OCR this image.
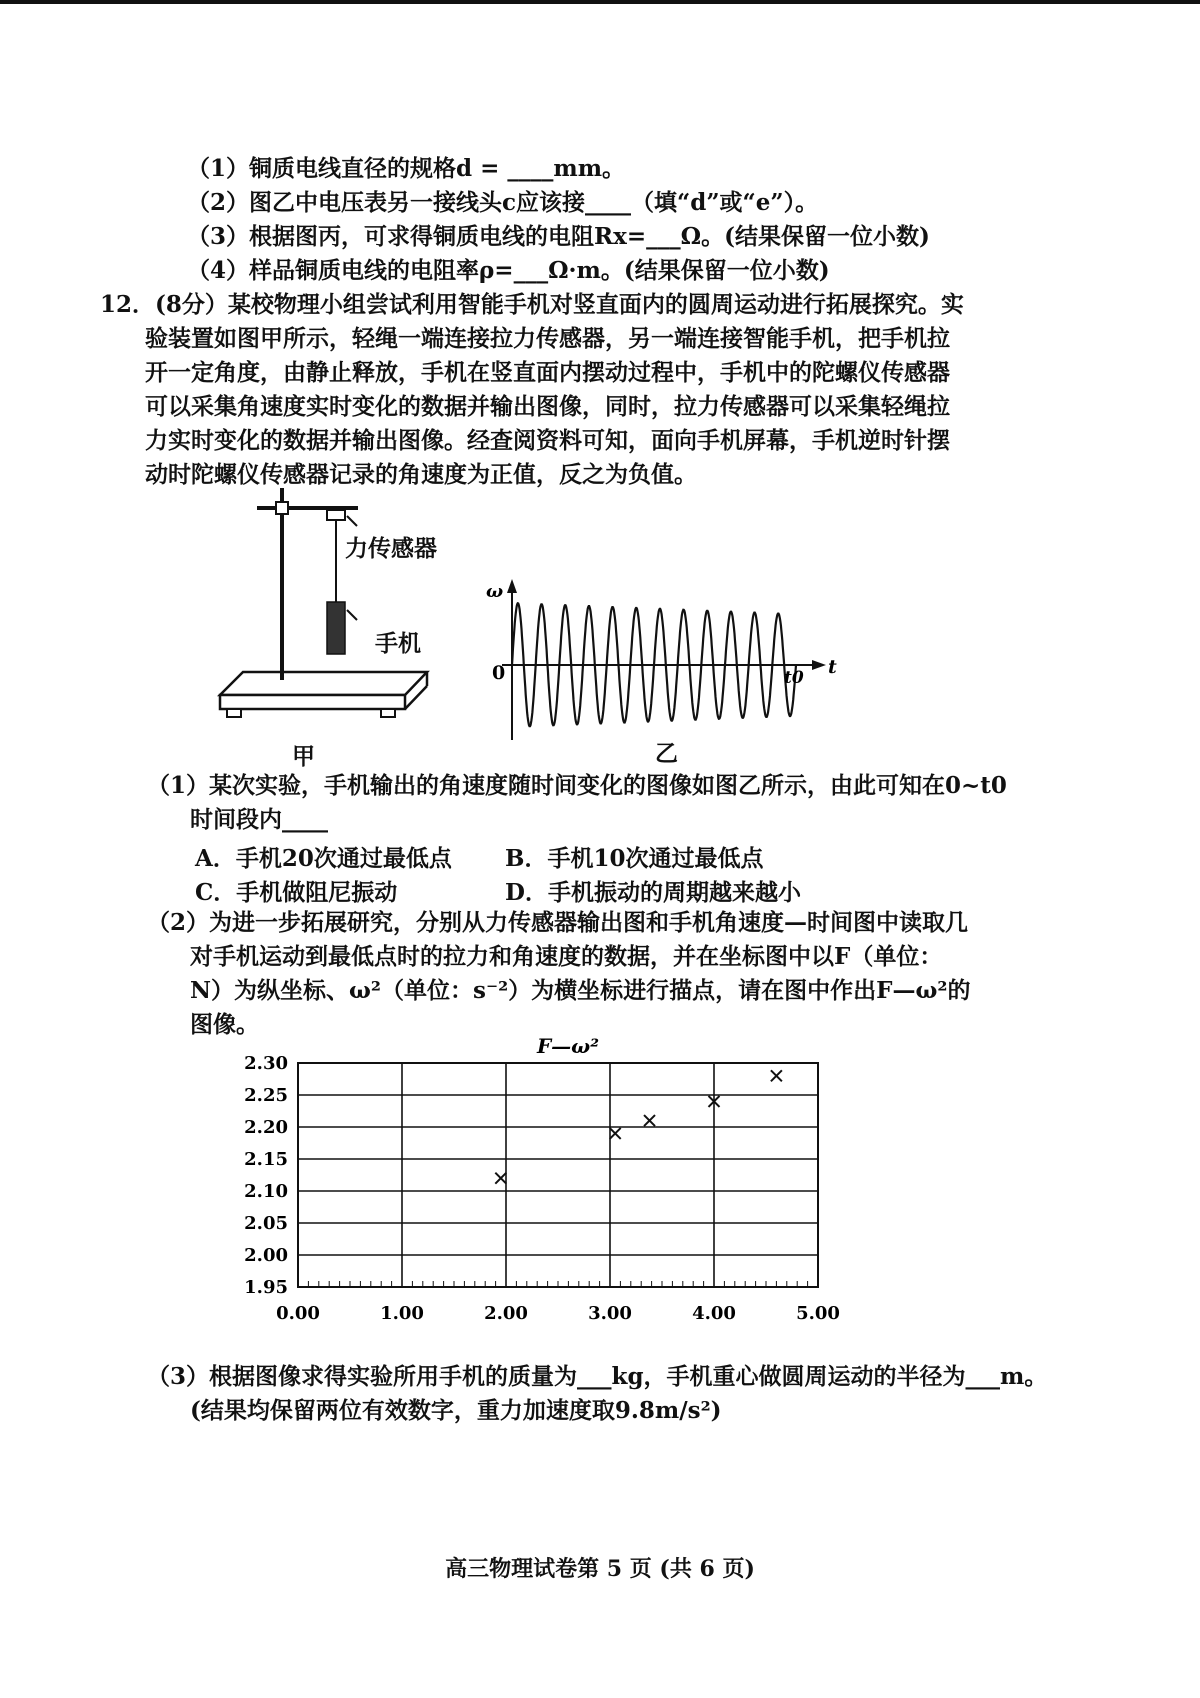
（1）铜质电线直径的规格d = ____mm。
（2）图乙中电压表另一接线头c应该接____（填“d”或“e”）。
（3）根据图丙，可求得铜质电线的电阻Rx=___Ω。(结果保留一位小数)
（4）样品铜质电线的电阻率ρ=___Ω·m。(结果保留一位小数)
12．(8分）某校物理小组尝试利用智能手机对竖直面内的圆周运动进行拓展探究。实
验装置如图甲所示，轻绳一端连接拉力传感器，另一端连接智能手机，把手机拉
开一定角度，由静止释放，手机在竖直面内摆动过程中，手机中的陀螺仪传感器
可以采集角速度实时变化的数据并输出图像，同时，拉力传感器可以采集轻绳拉
力实时变化的数据并输出图像。经查阅资料可知，面向手机屏幕，手机逆时针摆
动时陀螺仪传感器记录的角速度为正值，反之为负值。
力传感器
手机
甲
ω
0	t
t0
乙
（1）某次实验，手机输出的角速度随时间变化的图像如图乙所示，由此可知在0~t0
时间段内____
A．手机20次通过最低点 B．手机10次通过最低点
C．手机做阻尼振动	D．手机振动的周期越来越小
（2）为进一步拓展研究，分别从力传感器输出图和手机角速度—时间图中读取几
对手机运动到最低点时的拉力和角速度的数据，并在坐标图中以F（单位：
N）为纵坐标、ω²（单位：s⁻²）为横坐标进行描点，请在图中作出F—ω²的
图像。
F—ω²
0.00	1.00	2.00	3.00	4.00	5.00
1.95
2.00
2.05
2.10
2.15
2.20
2.25
2.30
（3）根据图像求得实验所用手机的质量为___kg，手机重心做圆周运动的半径为___m。
(结果均保留两位有效数字，重力加速度取9.8m/s²)
高三物理试卷第 5 页 (共 6 页)
